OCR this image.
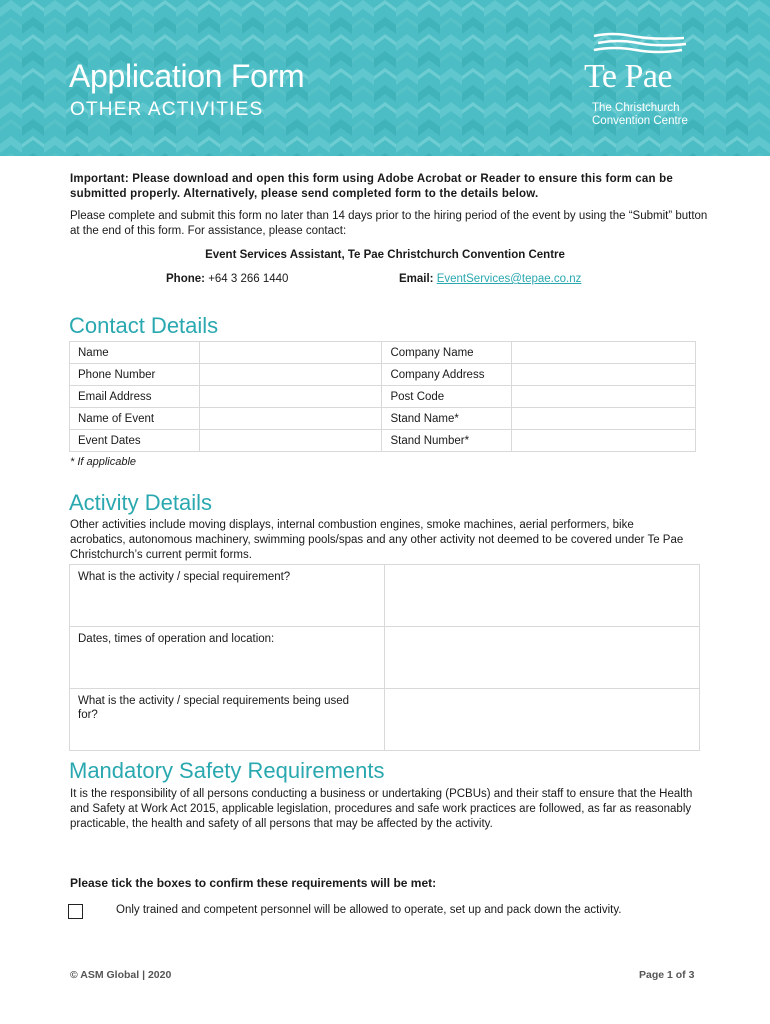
Application Form
OTHER ACTIVITIES
Te Pae
The Christchurch
Convention Centre
Important: Please download and open this form using Adobe Acrobat or Reader to ensure this form can be submitted properly. Alternatively, please send completed form to the details below.
Please complete and submit this form no later than 14 days prior to the hiring period of the event by using the “Submit” button at the end of this form. For assistance, please contact:
Event Services Assistant, Te Pae Christchurch Convention Centre
Phone: +64 3 266 1440	Email: EventServices@tepae.co.nz
Contact Details
Name		Company Name	
Phone Number		Company Address	
Email Address		Post Code	
Name of Event		Stand Name*	
Event Dates		Stand Number*	
* If applicable
Activity Details
Other activities include moving displays, internal combustion engines, smoke machines, aerial performers, bike acrobatics, autonomous machinery, swimming pools/spas and any other activity not deemed to be covered under Te Pae Christchurch’s current permit forms.
What is the activity / special requirement?	
Dates, times of operation and location:	
What is the activity / special requirements being used for?	
Mandatory Safety Requirements
It is the responsibility of all persons conducting a business or undertaking (PCBUs) and their staff to ensure that the Health and Safety at Work Act 2015, applicable legislation, procedures and safe work practices are followed, as far as reasonably practicable, the health and safety of all persons that may be affected by the activity.
Please tick the boxes to confirm these requirements will be met:
Only trained and competent personnel will be allowed to operate, set up and pack down the activity.
© ASM Global | 2020	Page 1 of 3
